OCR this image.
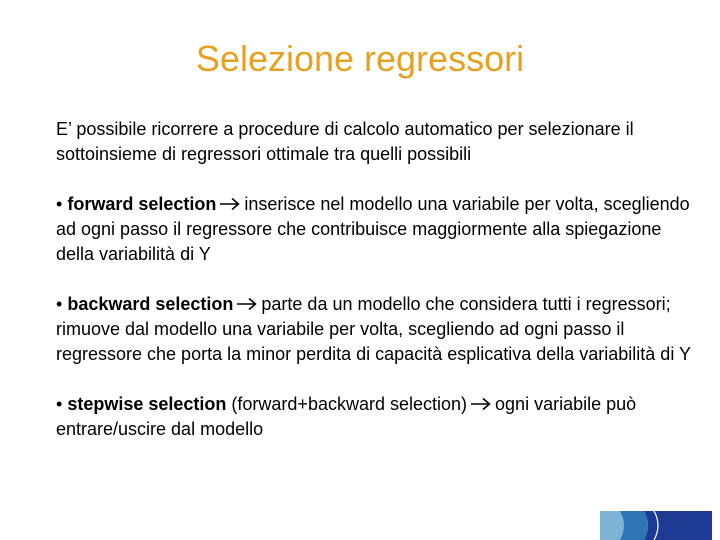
Selezione regressori

E’ possibile ricorrere a procedure di calcolo automatico per selezionare il sottoinsieme di regressori ottimale tra quelli possibili

• forward selection inserisce nel modello una variabile per volta, scegliendo ad ogni passo il regressore che contribuisce maggiormente alla spiegazione della variabilità di Y

• backward selection parte da un modello che considera tutti i regressori; rimuove dal modello una variabile per volta, scegliendo ad ogni passo il regressore che porta la minor perdita di capacità esplicativa della variabilità di Y

• stepwise selection (forward+backward selection) ogni variabile può entrare/uscire dal modello
